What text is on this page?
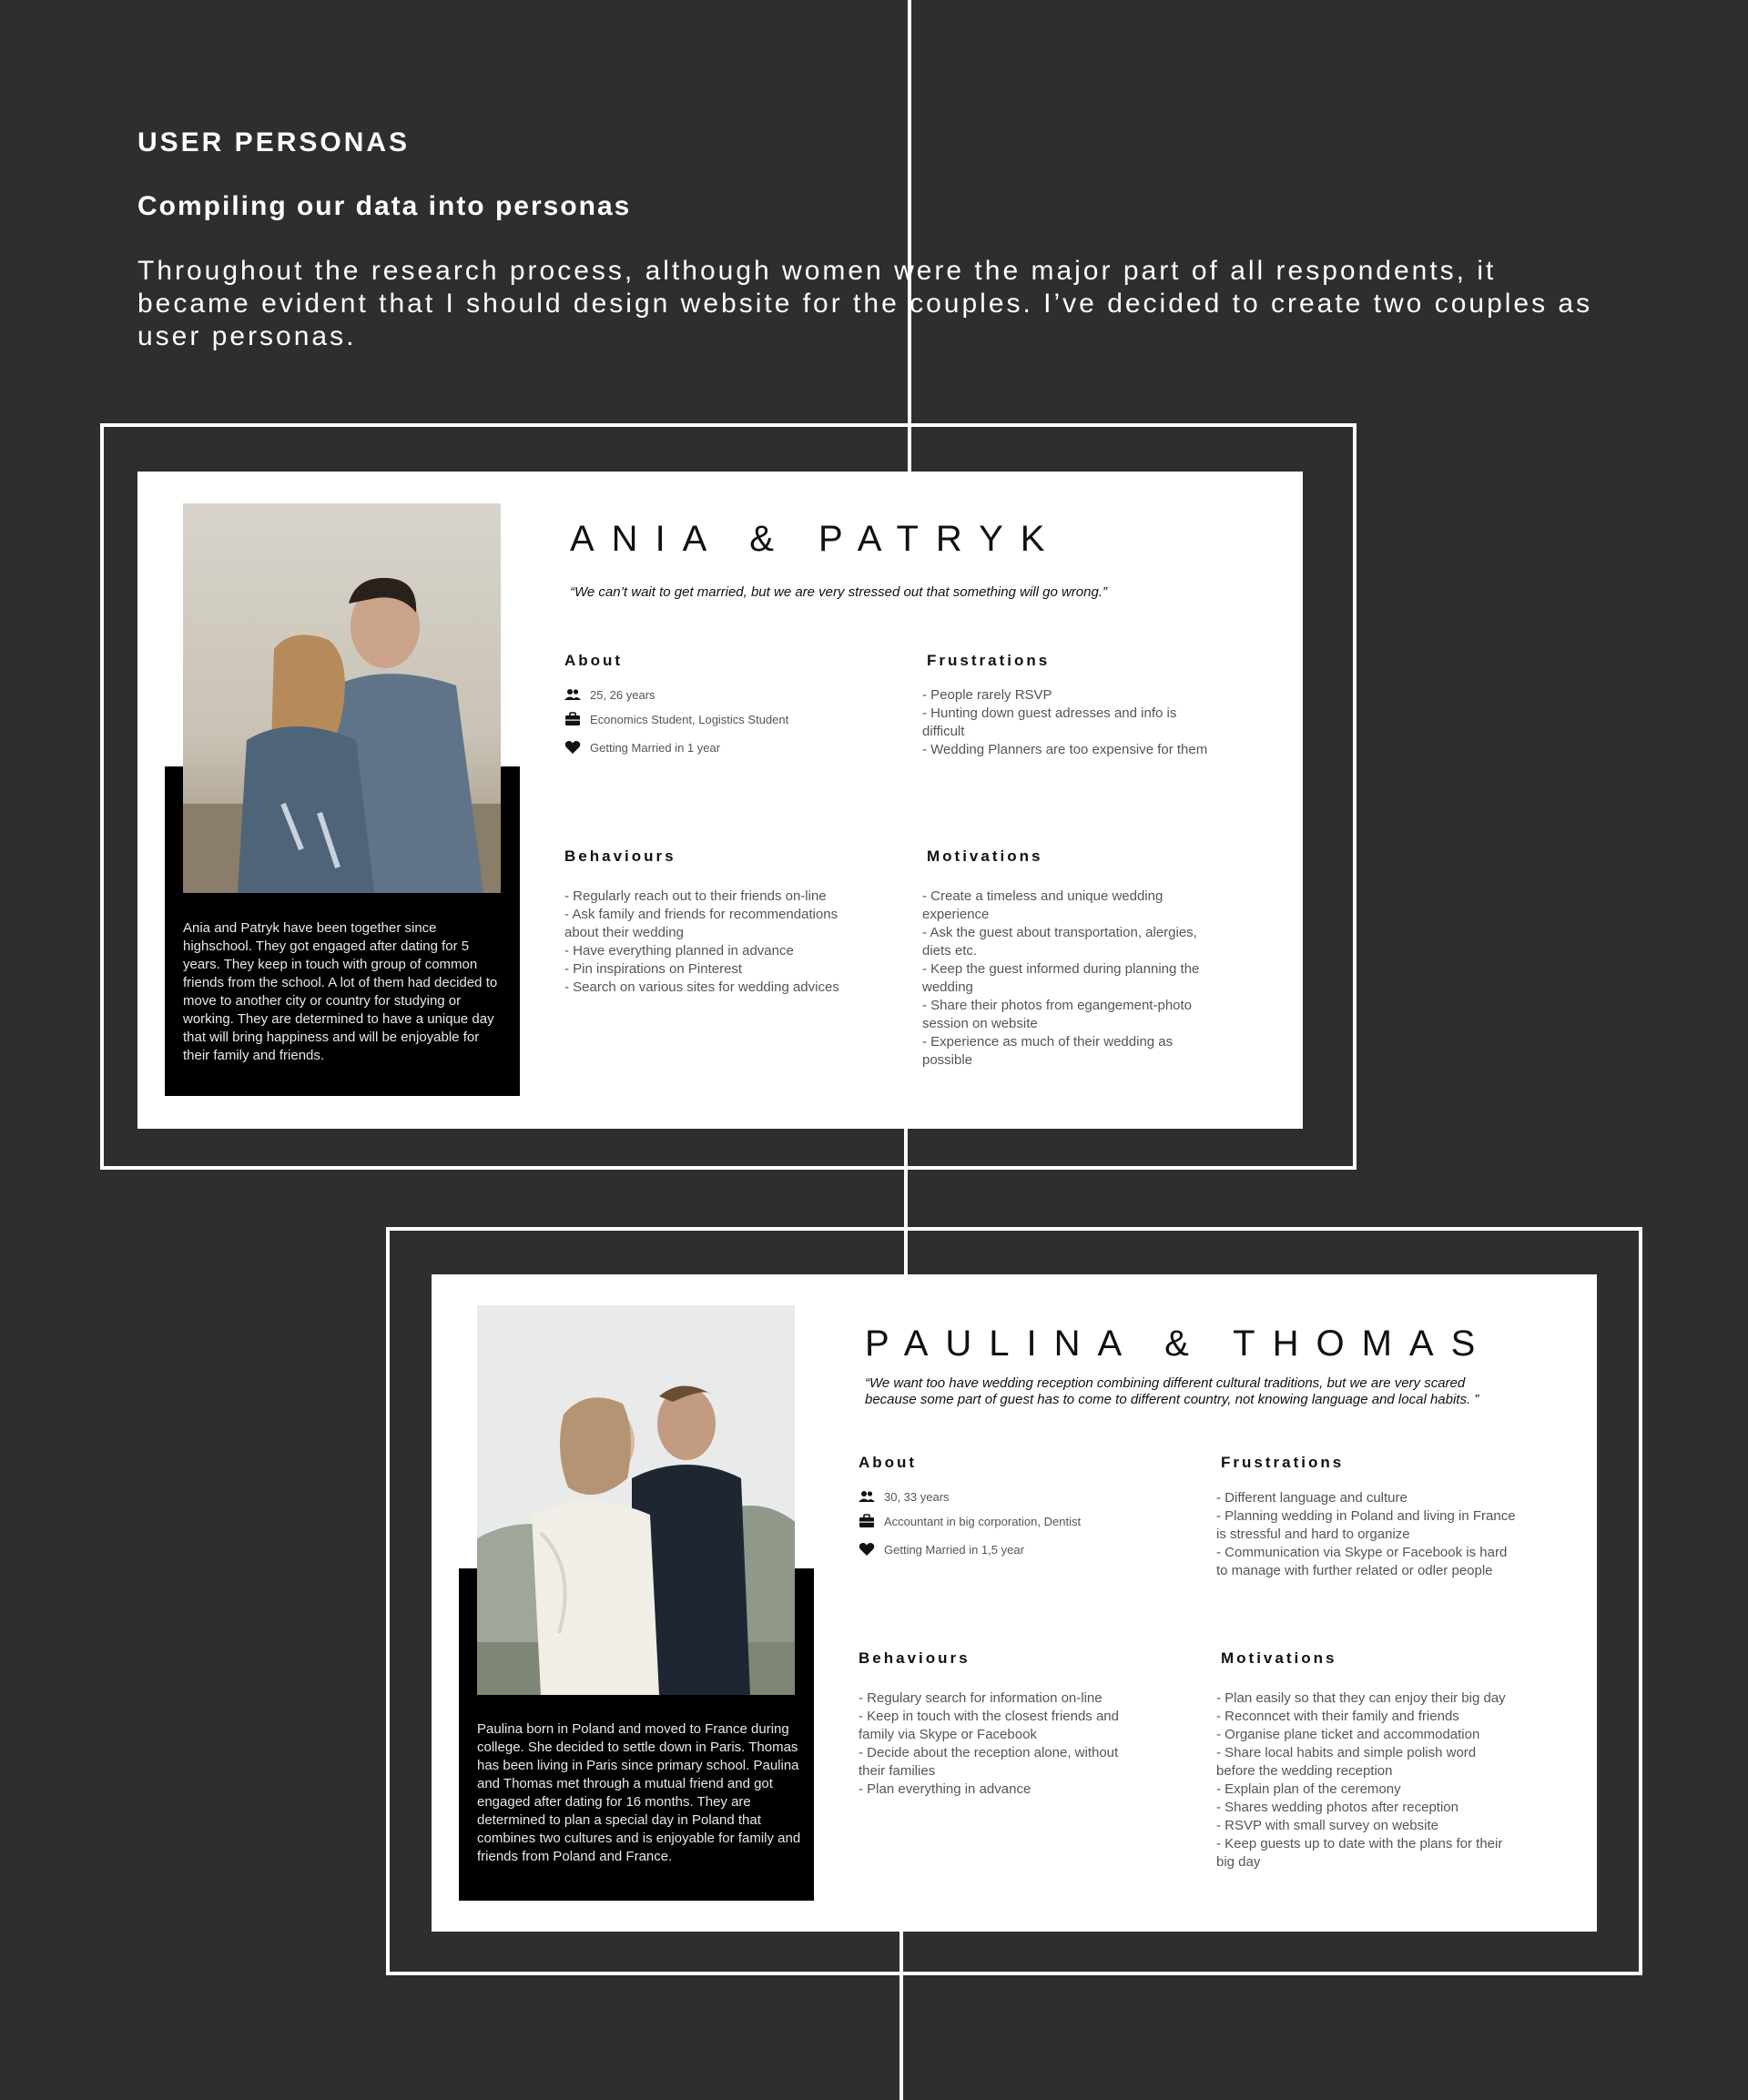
USER PERSONAS
Compiling our data into personas
Throughout the research process, although women were the major part of all respondents, it became evident that I should design website for the couples. I’ve decided to create two couples as user personas.
Ania and Patryk have been together since highschool. They got engaged after dating for 5 years. They keep in touch with group of common friends from the school. A lot of them had decided to move to another city or country for studying or working. They are determined to have a unique day that will bring happiness and will be enjoyable for their family and friends.
ANIA & PATRYK
“We can’t wait to get married, but we are very stressed out that something will go wrong.”
About
25, 26 years
Economics Student, Logistics Student
Getting Married in 1 year
Frustrations
- People rarely RSVP
- Hunting down guest adresses and info is difficult
- Wedding Planners are too expensive for them
Behaviours
- Regularly reach out to their friends on-line
- Ask family and friends for recommendations about their wedding
- Have everything planned in advance
- Pin inspirations on Pinterest
- Search on various sites for wedding advices
Motivations
- Create a timeless and unique wedding experience
- Ask the guest about transportation, alergies, diets etc.
- Keep the guest informed during planning the wedding
- Share their photos from egangement-photo session on website
- Experience as much of their wedding as possible
Paulina born in Poland and moved to France during college. She decided to settle down in Paris. Thomas has been living in Paris since primary school. Paulina and Thomas met through a mutual friend and got engaged after dating for 16 months. They are determined to plan a special day in Poland that combines two cultures and is enjoyable for family and friends from Poland and France.
PAULINA & THOMAS
“We want too have wedding reception combining different cultural traditions, but we are very scared because some part of guest has to come to different country, not knowing language and local habits. ”
About
30, 33 years
Accountant in big corporation, Dentist
Getting Married in 1,5 year
Frustrations
- Different language and culture
- Planning wedding in Poland and living in France is stressful and hard to organize
- Communication via Skype or Facebook is hard to manage with further related or odler people
Behaviours
- Regulary search for information on-line
- Keep in touch with the closest friends and family via Skype or Facebook
- Decide about the reception alone, without their families
- Plan everything in advance
Motivations
- Plan easily so that they can enjoy their big day
- Reconncet with their family and friends
- Organise plane ticket and accommodation
- Share local habits and simple polish word before the wedding reception
- Explain plan of the ceremony
- Shares wedding photos after reception
- RSVP with small survey on website
- Keep guests up to date with the plans for their big day
